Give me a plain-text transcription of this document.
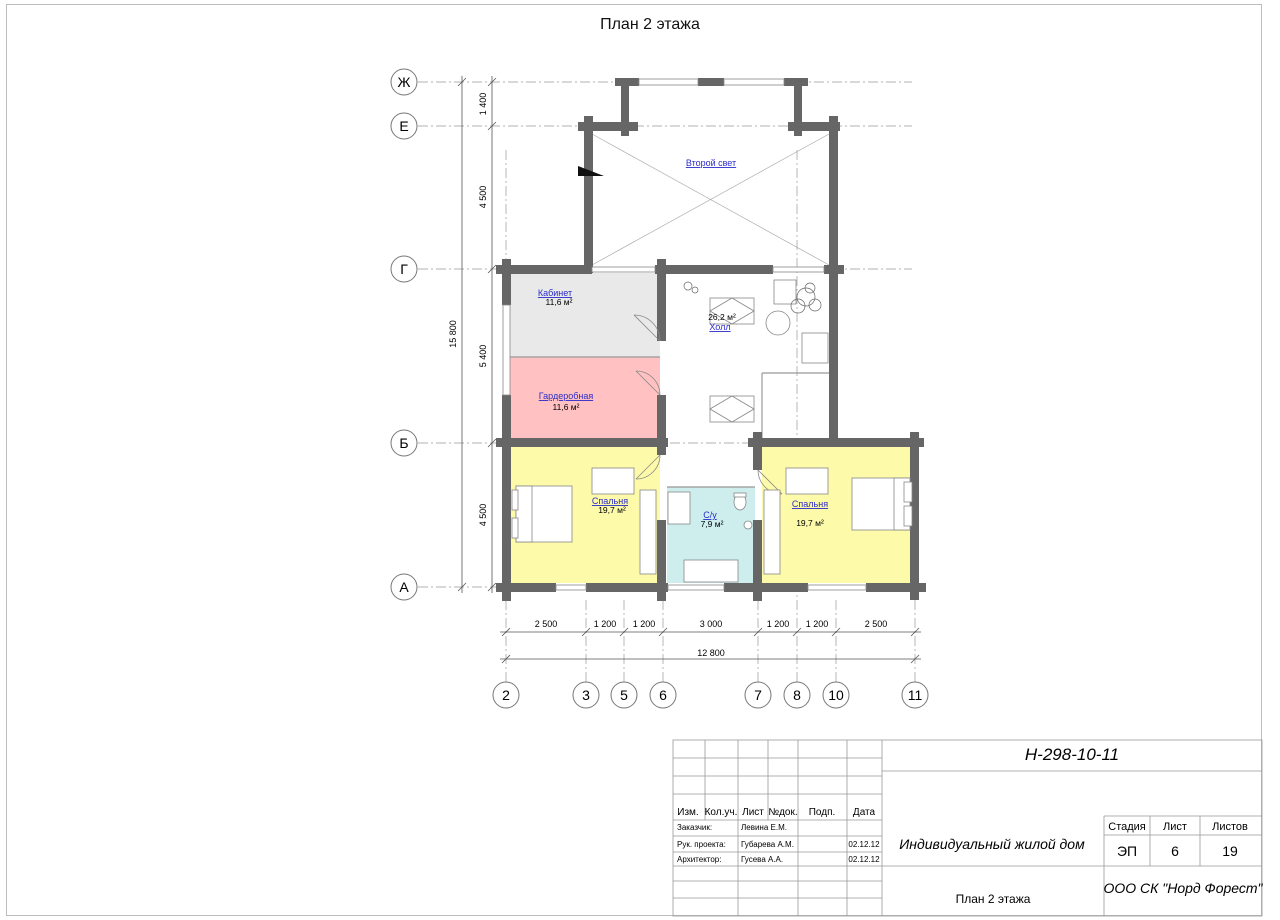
План 2 этажа
Ж
Е
Г
Б
А
2	3 5 6	7 8 10	11
1 400
4 500
5 400
4 500
15 800
2 500	1 200 1 200	3 000	1 200 1 200	2 500
12 800
Второй свет
Кабинет
11,6 м²
Гардеробная
11,6 м²
26,2 м²
Холл
Спальня
19,7 м²	С/у
7,9 м²
Спальня
19,7 м²
Н-298-10-11
Изм. Кол.уч. Лист №док. Подп. Дата
Заказчик:	Левина Е.М.
Рук. проекта: Губарева А.М.	02.12.12
Архитектор: Гусева А.А.	02.12.12
Индивидуальный жилой дом
Стадия Лист Листов
ЭП 6	19
План 2 этажа
ООО СК "Норд Форест"
